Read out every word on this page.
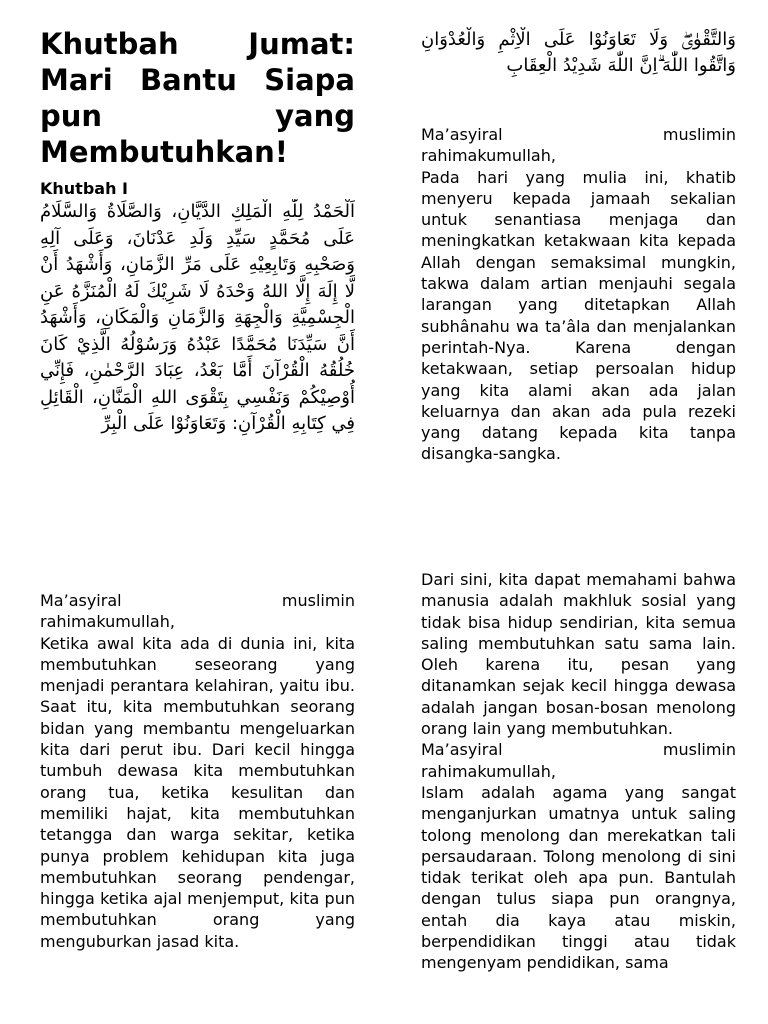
Khutbah Jumat: Mari Bantu Siapa pun yang Membutuhkan!
Khutbah I

اَلْحَمْدُ لِلّٰهِ الْمَلِكِ الدَّيَّانِ، وَالصَّلَاةُ وَالسَّلَامُ عَلَى مُحَمَّدٍ سَيِّدِ وَلَدِ عَدْنَانَ، وَعَلَى آلِهِ وَصَحْبِهِ وَتَابِعِيْهِ عَلَى مَرِّ الزَّمَانِ، وَأَشْهَدُ أَنْ لَّا إِلَهَ إِلَّا اللهُ وَحْدَهُ لَا شَرِيْكَ لَهُ الْمُنَزَّهُ عَنِ الْجِسْمِيَّةِ وَالْجِهَةِ وَالزَّمَانِ وَالْمَكَانِ، وَأَشْهَدُ أَنَّ سَيِّدَنَا مُحَمَّدًا عَبْدُهُ وَرَسُوْلُهُ الَّذِيْ كَانَ خُلُقُهُ الْقُرْآنَ أَمَّا بَعْدُ، عِبَادَ الرَّحْمٰنِ، فَإِنِّي أُوْصِيْكُمْ وَنَفْسِي بِتَقْوَى اللهِ الْمَنَّانِ، الْقَائِلِ فِي كِتَابِهِ الْقُرْآنِ: وَتَعَاوَنُوْا عَلَى الْبِرِّ

وَالتَّقْوٰىۖ وَلَا تَعَاوَنُوْا عَلَى الْاِثْمِ وَالْعُدْوَانِ ۖوَاتَّقُوا اللّٰهَ ۗاِنَّ اللّٰهَ شَدِيْدُ الْعِقَابِ

Ma’asyiral	muslimin

rahimakumullah,

Pada hari yang mulia ini, khatib menyeru kepada jamaah sekalian untuk senantiasa menjaga dan meningkatkan ketakwaan kita kepada Allah dengan semaksimal mungkin, takwa dalam artian menjauhi segala larangan yang ditetapkan Allah subhânahu wa ta’âla dan menjalankan perintah-Nya. Karena dengan ketakwaan, setiap persoalan hidup yang kita alami akan ada jalan keluarnya dan akan ada pula rezeki yang datang kepada kita tanpa disangka-sangka.

Ma’asyiral	muslimin

rahimakumullah,

Ketika awal kita ada di dunia ini, kita membutuhkan seseorang yang menjadi perantara kelahiran, yaitu ibu. Saat itu, kita membutuhkan seorang bidan yang membantu mengeluarkan kita dari perut ibu. Dari kecil hingga tumbuh dewasa kita membutuhkan orang tua, ketika kesulitan dan memiliki hajat, kita membutuhkan tetangga dan warga sekitar, ketika punya problem kehidupan kita juga membutuhkan seorang pendengar, hingga ketika ajal menjemput, kita pun membutuhkan orang yang menguburkan jasad kita.

Dari sini, kita dapat memahami bahwa manusia adalah makhluk sosial yang tidak bisa hidup sendirian, kita semua saling membutuhkan satu sama lain. Oleh karena itu, pesan yang ditanamkan sejak kecil hingga dewasa adalah jangan bosan-bosan menolong orang lain yang membutuhkan.

Ma’asyiral	muslimin

rahimakumullah,

Islam adalah agama yang sangat menganjurkan umatnya untuk saling tolong menolong dan merekatkan tali persaudaraan. Tolong menolong di sini tidak terikat oleh apa pun. Bantulah dengan tulus siapa pun orangnya, entah dia kaya atau miskin, berpendidikan tinggi atau tidak mengenyam pendidikan, sama
